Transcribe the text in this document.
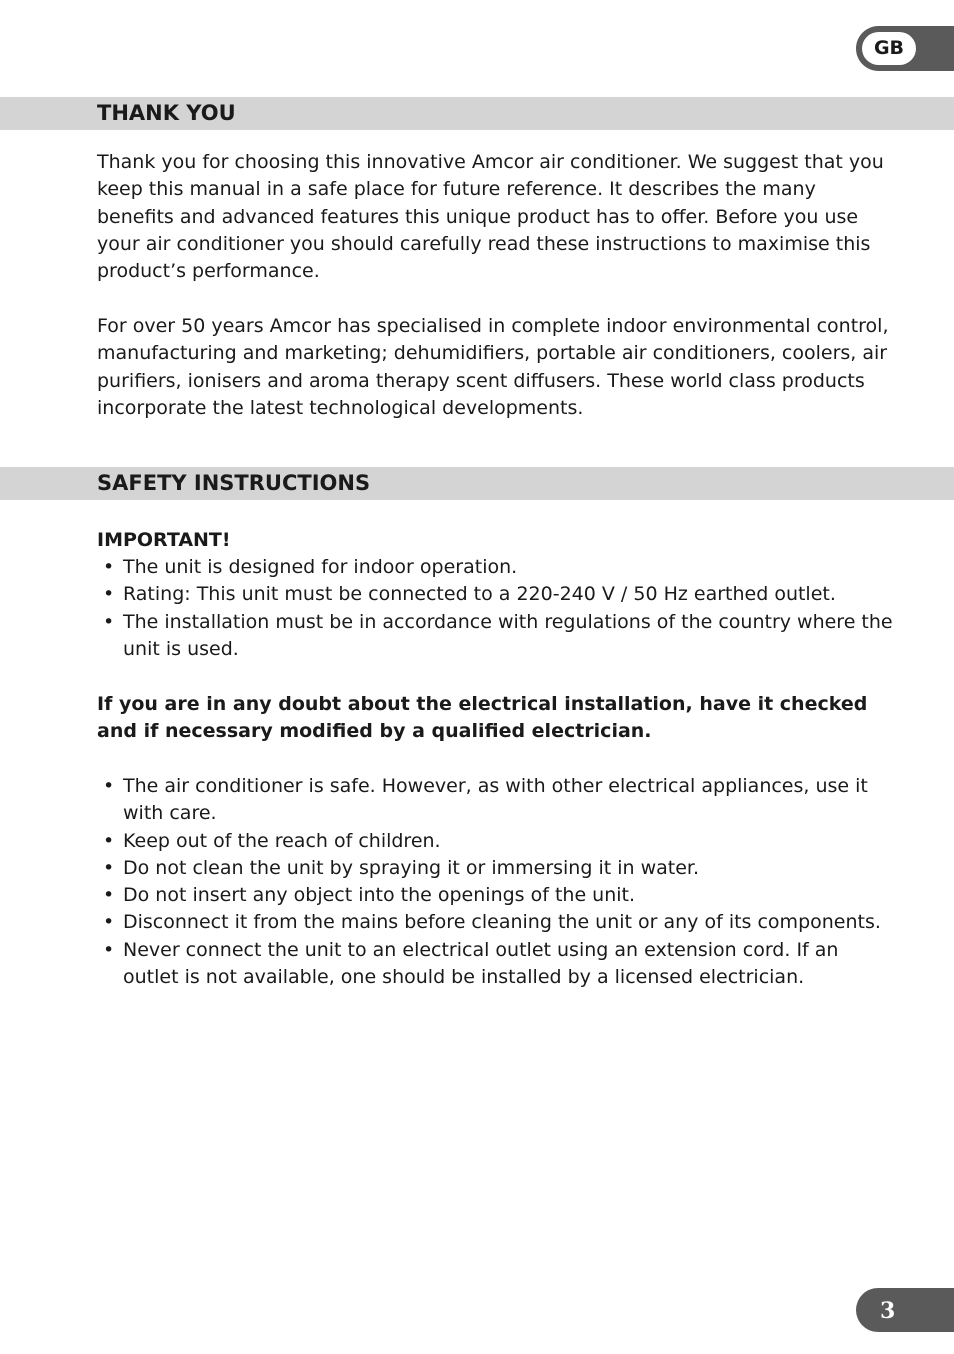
GB
THANK YOU

Thank you for choosing this innovative Amcor air conditioner. We suggest that you keep this manual in a safe place for future reference. It describes the many benefits and advanced features this unique product has to offer. Before you use your air conditioner you should carefully read these instructions to maximise this product’s performance.

For over 50 years Amcor has specialised in complete indoor environmental control, manufacturing and marketing; dehumidifiers, portable air conditioners, coolers, air purifiers, ionisers and aroma therapy scent diffusers. These world class products incorporate the latest technological developments.

SAFETY INSTRUCTIONS

IMPORTANT!

• The unit is designed for indoor operation.
• Rating: This unit must be connected to a 220-240 V / 50 Hz earthed outlet.
• The installation must be in accordance with regulations of the country where the unit is used.

If you are in any doubt about the electrical installation, have it checked and if necessary modified by a qualified electrician.

• The air conditioner is safe. However, as with other electrical appliances, use it with care.
• Keep out of the reach of children.
• Do not clean the unit by spraying it or immersing it in water.
• Do not insert any object into the openings of the unit.
• Disconnect it from the mains before cleaning the unit or any of its components.
• Never connect the unit to an electrical outlet using an extension cord. If an outlet is not available, one should be installed by a licensed electrician.
3
